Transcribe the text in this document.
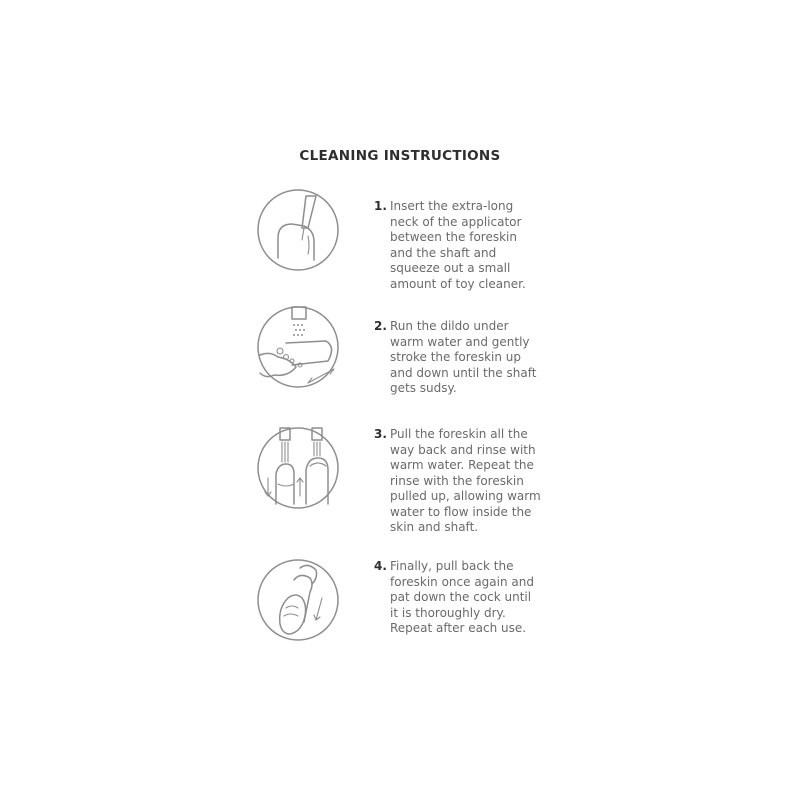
CLEANING INSTRUCTIONS
1. Insert the extra-long
neck of the applicator
between the foreskin
and the shaft and
squeeze out a small
amount of toy cleaner.

2. Run the dildo under
warm water and gently
stroke the foreskin up
and down until the shaft
gets sudsy.

3. Pull the foreskin all the
way back and rinse with
warm water. Repeat the
rinse with the foreskin
pulled up, allowing warm
water to flow inside the
skin and shaft.

4. Finally, pull back the
foreskin once again and
pat down the cock until
it is thoroughly dry.
Repeat after each use.
